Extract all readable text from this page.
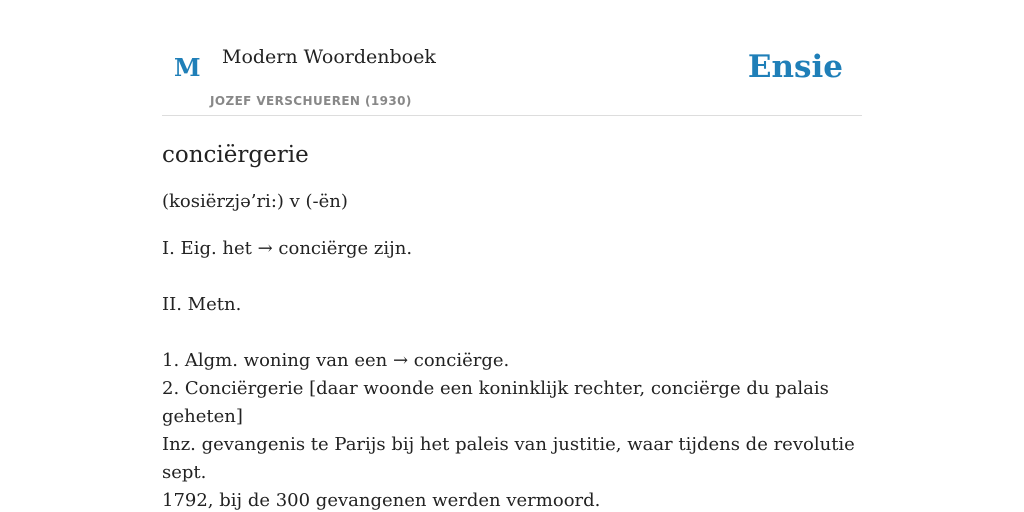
M Modern Woordenboek
JOZEF VERSCHUEREN (1930)
Ensie
conciërgerie
(kosiërzjə’ri:) v (-ën)

I. Eig. het → conciërge zijn.

II. Metn.

1. Algm. woning van een → conciërge.

2. Conciërgerie [daar woonde een koninklijk rechter, conciërge du palais geheten]

Inz. gevangenis te Parijs bij het paleis van justitie, waar tijdens de revolutie sept.

1792, bij de 300 gevangenen werden vermoord.
